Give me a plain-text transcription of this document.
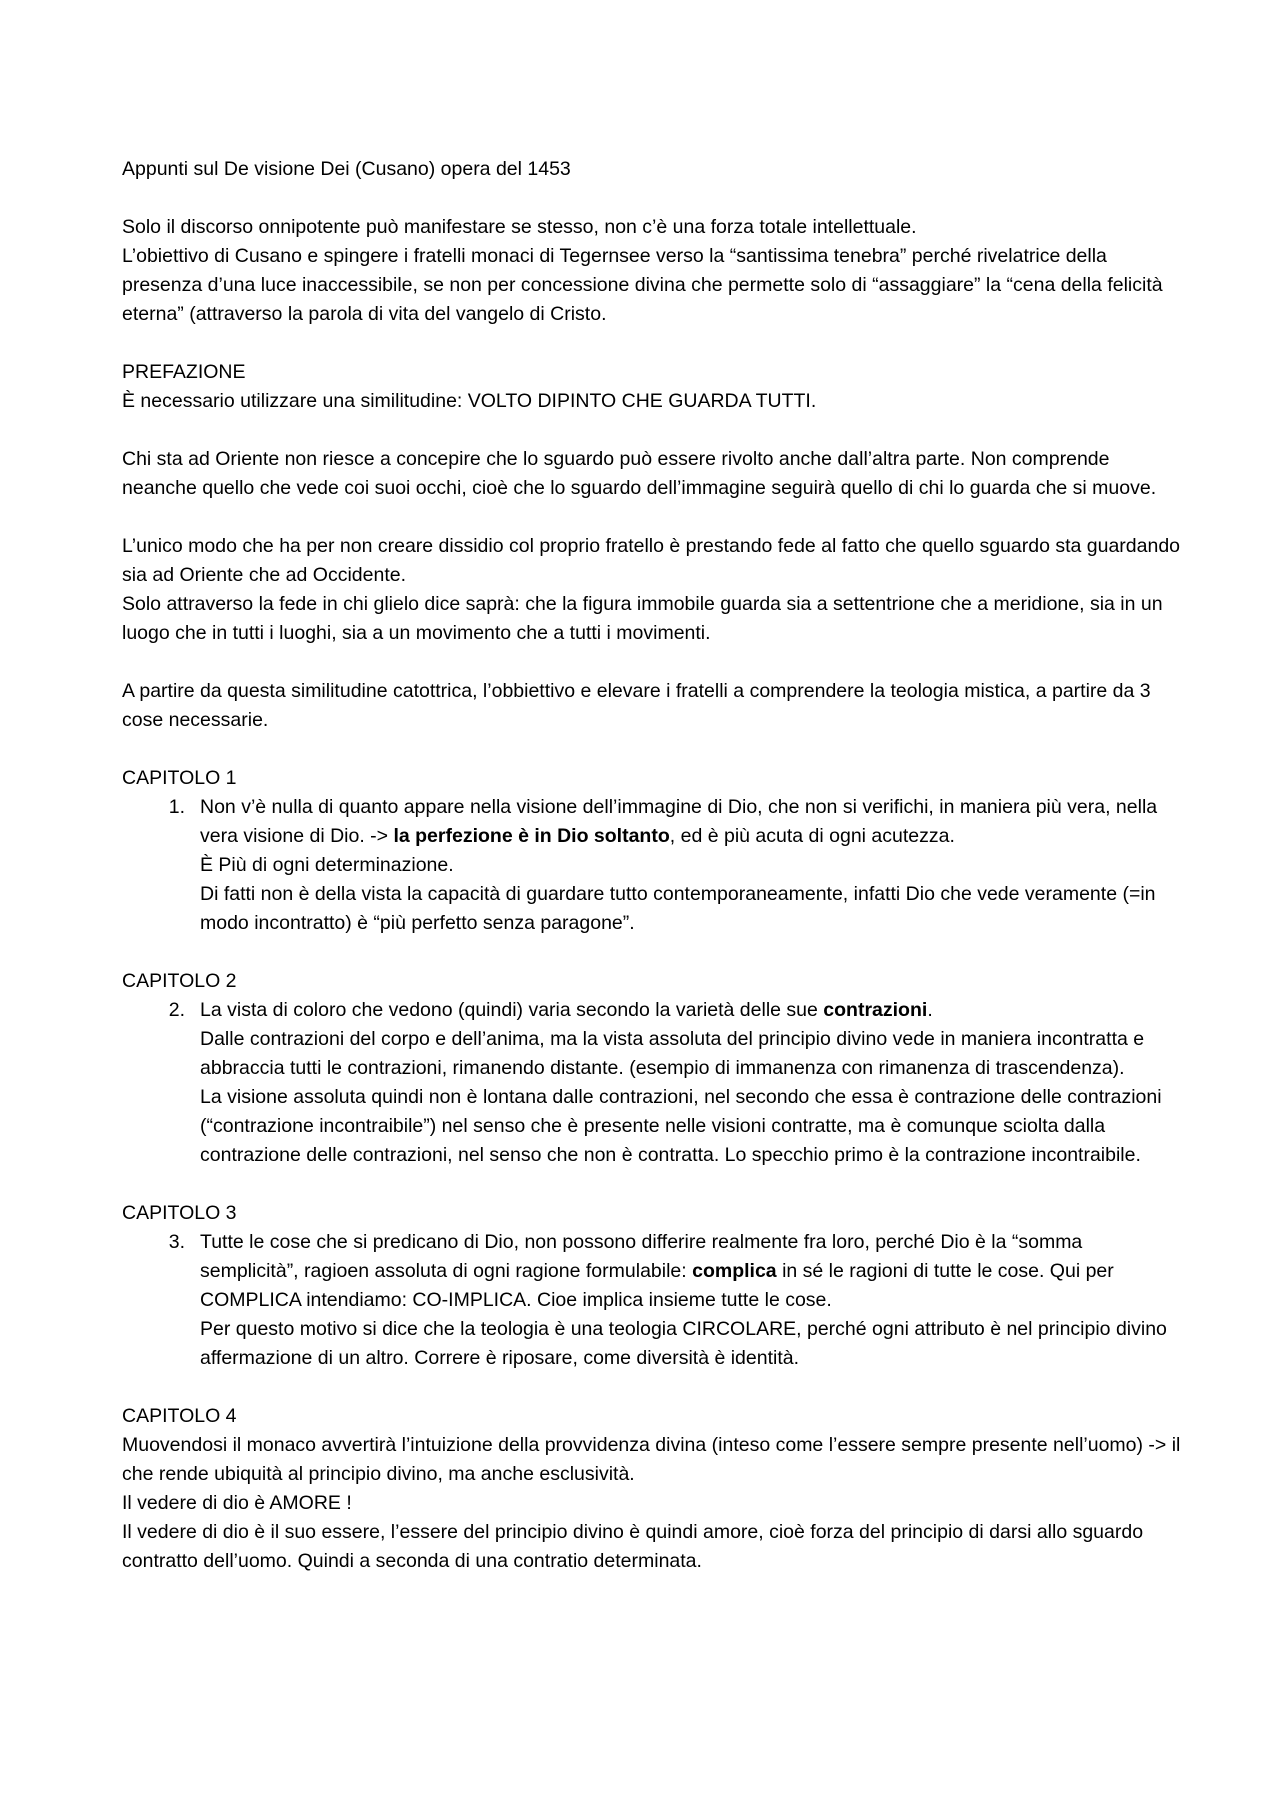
Appunti sul De visione Dei (Cusano) opera del 1453

Solo il discorso onnipotente può manifestare se stesso, non c’è una forza totale intellettuale.

L’obiettivo di Cusano e spingere i fratelli monaci di Tegernsee verso la “santissima tenebra” perché rivelatrice della presenza d’una luce inaccessibile, se non per concessione divina che permette solo di “assaggiare” la “cena della felicità eterna” (attraverso la parola di vita del vangelo di Cristo.

PREFAZIONE

È necessario utilizzare una similitudine: VOLTO DIPINTO CHE GUARDA TUTTI.

Chi sta ad Oriente non riesce a concepire che lo sguardo può essere rivolto anche dall’altra parte. Non comprende neanche quello che vede coi suoi occhi, cioè che lo sguardo dell’immagine seguirà quello di chi lo guarda che si muove.

L’unico modo che ha per non creare dissidio col proprio fratello è prestando fede al fatto che quello sguardo sta guardando sia ad Oriente che ad Occidente.

Solo attraverso la fede in chi glielo dice saprà: che la figura immobile guarda sia a settentrione che a meridione, sia in un luogo che in tutti i luoghi, sia a un movimento che a tutti i movimenti.

A partire da questa similitudine catottrica, l’obbiettivo e elevare i fratelli a comprendere la teologia mistica, a partire da 3 cose necessarie.

CAPITOLO 1

1. Non v’è nulla di quanto appare nella visione dell’immagine di Dio, che non si verifichi, in maniera più vera, nella vera visione di Dio. -> la perfezione è in Dio soltanto, ed è più acuta di ogni acutezza.

È Più di ogni determinazione.

Di fatti non è della vista la capacità di guardare tutto contemporaneamente, infatti Dio che vede veramente (=in modo incontratto) è “più perfetto senza paragone”.

CAPITOLO 2

2. La vista di coloro che vedono (quindi) varia secondo la varietà delle sue contrazioni.

Dalle contrazioni del corpo e dell’anima, ma la vista assoluta del principio divino vede in maniera incontratta e abbraccia tutti le contrazioni, rimanendo distante. (esempio di immanenza con rimanenza di trascendenza).

La visione assoluta quindi non è lontana dalle contrazioni, nel secondo che essa è contrazione delle contrazioni (“contrazione incontraibile”) nel senso che è presente nelle visioni contratte, ma è comunque sciolta dalla contrazione delle contrazioni, nel senso che non è contratta. Lo specchio primo è la contrazione incontraibile.

CAPITOLO 3

3. Tutte le cose che si predicano di Dio, non possono differire realmente fra loro, perché Dio è la “somma semplicità”, ragioen assoluta di ogni ragione formulabile: complica in sé le ragioni di tutte le cose. Qui per COMPLICA intendiamo: CO-IMPLICA. Cioe implica insieme tutte le cose.

Per questo motivo si dice che la teologia è una teologia CIRCOLARE, perché ogni attributo è nel principio divino affermazione di un altro. Correre è riposare, come diversità è identità.

CAPITOLO 4

Muovendosi il monaco avvertirà l’intuizione della provvidenza divina (inteso come l’essere sempre presente nell’uomo) -> il che rende ubiquità al principio divino, ma anche esclusività.

Il vedere di dio è AMORE !

Il vedere di dio è il suo essere, l’essere del principio divino è quindi amore, cioè forza del principio di darsi allo sguardo contratto dell’uomo. Quindi a seconda di una contratio determinata.
